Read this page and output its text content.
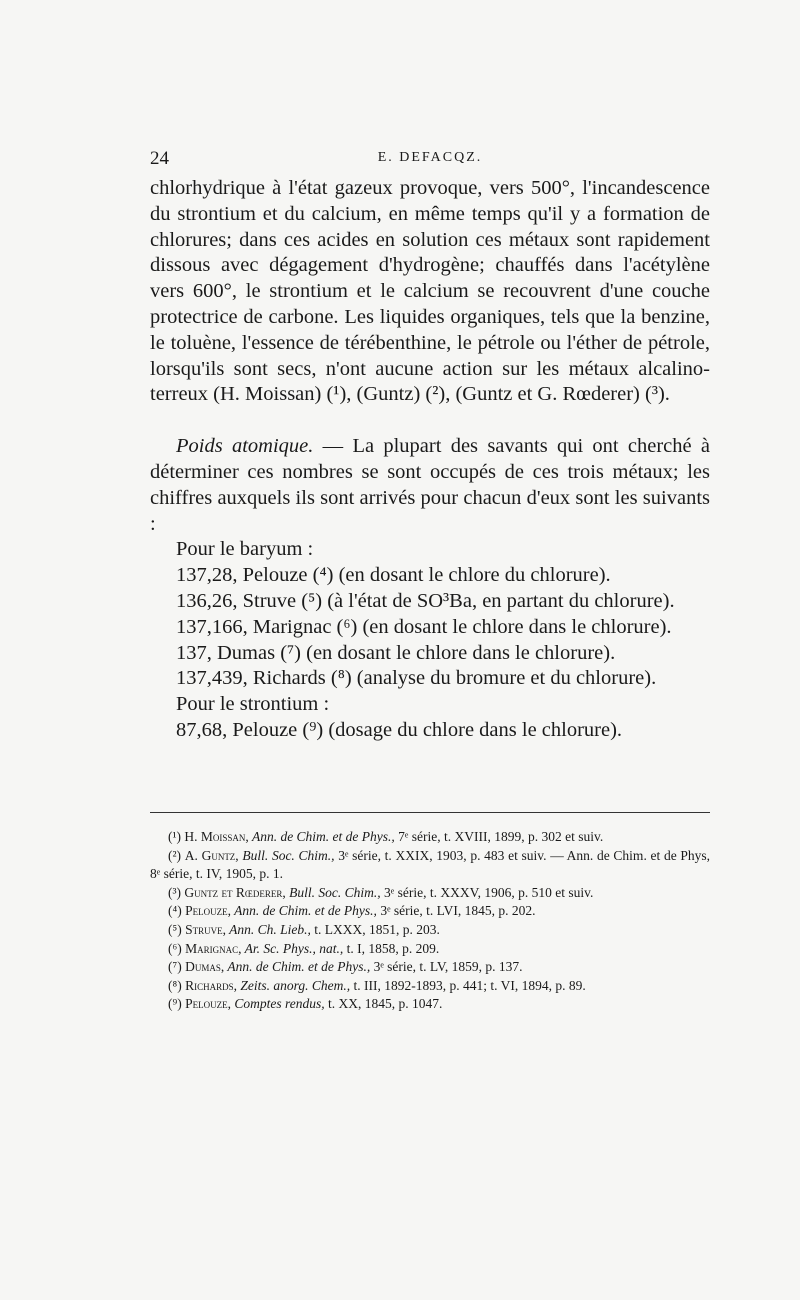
24	E. DEFACQZ.

chlorhydrique à l'état gazeux provoque, vers 500°, l'incandescence du strontium et du calcium, en même temps qu'il y a formation de chlorures; dans ces acides en solution ces métaux sont rapidement dissous avec dégagement d'hydrogène; chauffés dans l'acétylène vers 600°, le strontium et le calcium se recouvrent d'une couche protectrice de carbone. Les liquides organiques, tels que la benzine, le toluène, l'essence de térébenthine, le pétrole ou l'éther de pétrole, lorsqu'ils sont secs, n'ont aucune action sur les métaux alcalino-terreux (H. Moissan) (¹), (Guntz) (²), (Guntz et G. Rœderer) (³).

Poids atomique. — La plupart des savants qui ont cherché à déterminer ces nombres se sont occupés de ces trois métaux; les chiffres auxquels ils sont arrivés pour chacun d'eux sont les suivants :

Pour le baryum :

137,28, Pelouze (⁴) (en dosant le chlore du chlorure).

136,26, Struve (⁵) (à l'état de SO³Ba, en partant du chlorure).

137,166, Marignac (⁶) (en dosant le chlore dans le chlorure).

137, Dumas (⁷) (en dosant le chlore dans le chlorure).

137,439, Richards (⁸) (analyse du bromure et du chlorure).

Pour le strontium :

87,68, Pelouze (⁹) (dosage du chlore dans le chlorure).

(¹) H. Moissan, Ann. de Chim. et de Phys., 7ᵉ série, t. XVIII, 1899, p. 302 et suiv.

(²) A. Guntz, Bull. Soc. Chim., 3ᵉ série, t. XXIX, 1903, p. 483 et suiv. — Ann. de Chim. et de Phys, 8ᵉ série, t. IV, 1905, p. 1.

(³) Guntz et Rœderer, Bull. Soc. Chim., 3ᵉ série, t. XXXV, 1906, p. 510 et suiv.

(⁴) Pelouze, Ann. de Chim. et de Phys., 3ᵉ série, t. LVI, 1845, p. 202.

(⁵) Struve, Ann. Ch. Lieb., t. LXXX, 1851, p. 203.

(⁶) Marignac, Ar. Sc. Phys., nat., t. I, 1858, p. 209.

(⁷) Dumas, Ann. de Chim. et de Phys., 3ᵉ série, t. LV, 1859, p. 137.

(⁸) Richards, Zeits. anorg. Chem., t. III, 1892-1893, p. 441; t. VI, 1894, p. 89.

(⁹) Pelouze, Comptes rendus, t. XX, 1845, p. 1047.
